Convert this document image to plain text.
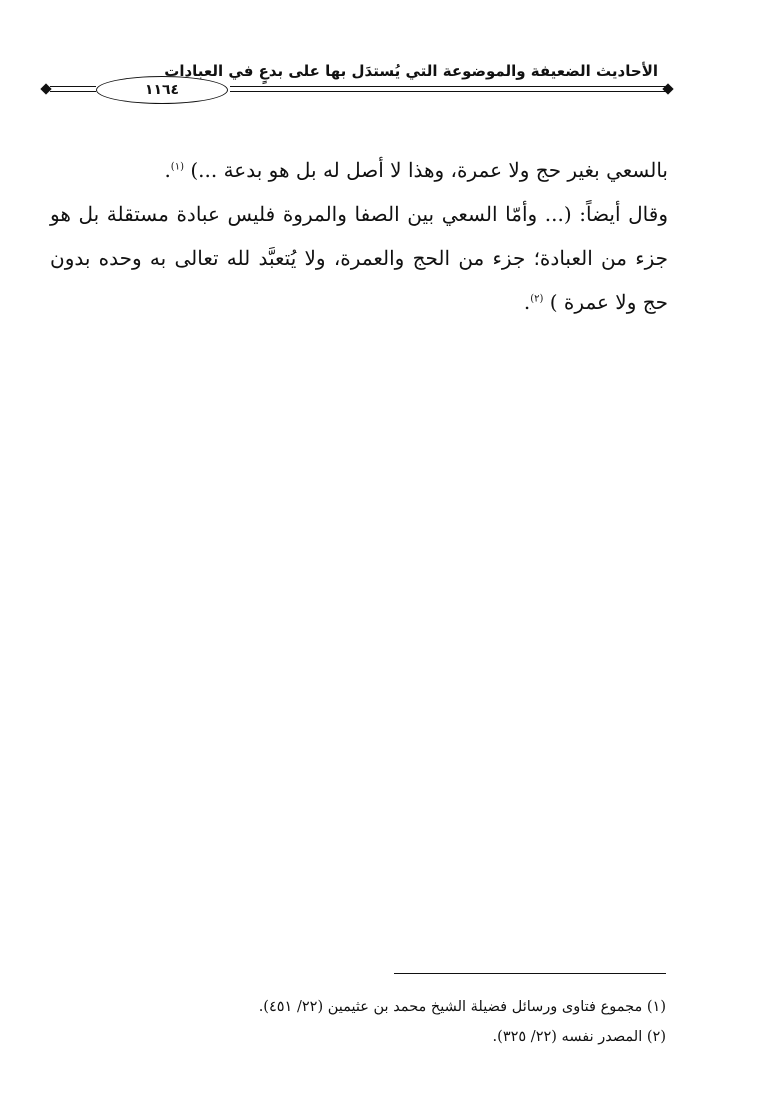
الأحاديث الضعيفة والموضوعة التي يُستدَل بها على بدعٍ في العبادات
١١٦٤

بالسعي بغير حج ولا عمرة، وهذا لا أصل له بل هو بدعة ...) $^{(١)}$.

وقال أيضاً: (... وأمّا السعي بين الصفا والمروة فليس عبادة مستقلة بل هو جزء من العبادة؛ جزء من الحج والعمرة، ولا يُتعبَّد لله تعالى به وحده بدون حج ولا عمرة ) $^{(٢)}$.

(١) مجموع فتاوى ورسائل فضيلة الشيخ محمد بن عثيمين (٢٢/ ٤٥١).

(٢) المصدر نفسه (٢٢/ ٣٢٥).
